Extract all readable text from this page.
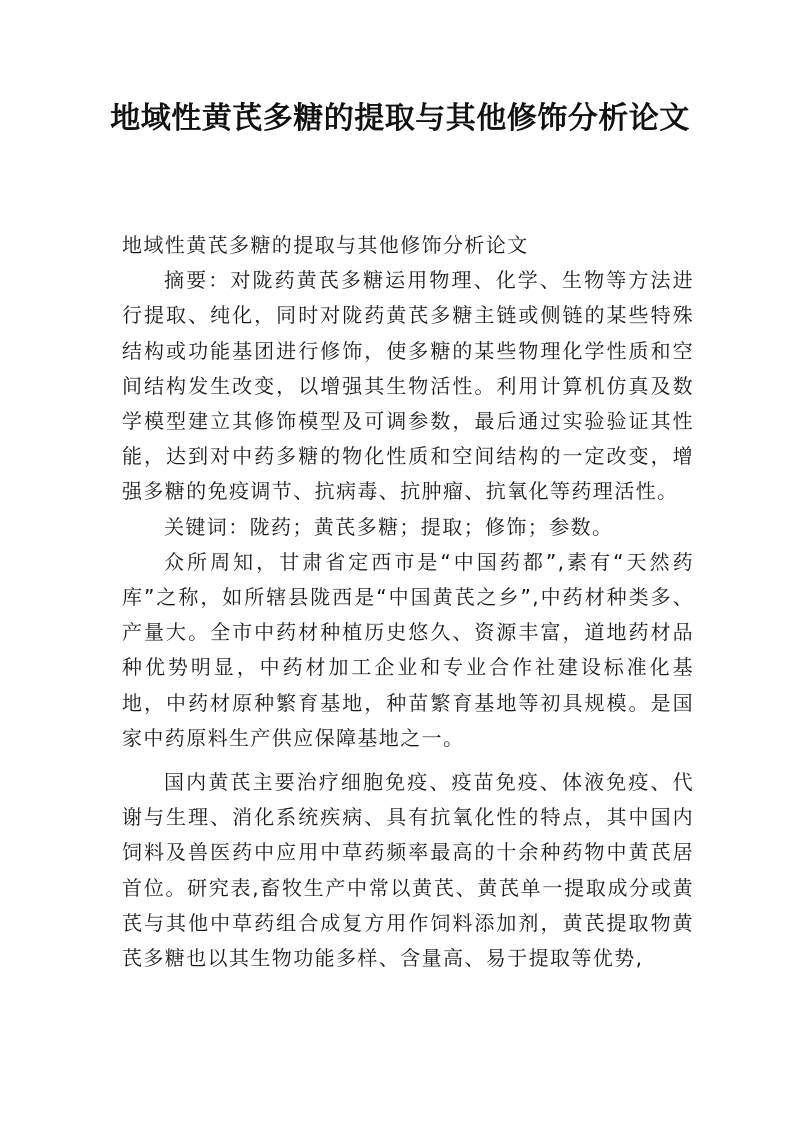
地域性黄芪多糖的提取与其他修饰分析论文

地域性黄芪多糖的提取与其他修饰分析论文

摘要：对陇药黄芪多糖运用物理、化学、生物等方法进行提取、纯化，同时对陇药黄芪多糖主链或侧链的某些特殊结构或功能基团进行修饰，使多糖的某些物理化学性质和空间结构发生改变，以增强其生物活性。利用计算机仿真及数学模型建立其修饰模型及可调参数，最后通过实验验证其性能，达到对中药多糖的物化性质和空间结构的一定改变，增强多糖的免疫调节、抗病毒、抗肿瘤、抗氧化等药理活性。

关键词：陇药；黄芪多糖；提取；修饰；参数。

众所周知，甘肃省定西市是“中国药都”,素有“天然药库”之称，如所辖县陇西是“中国黄芪之乡”,中药材种类多、产量大。全市中药材种植历史悠久、资源丰富，道地药材品种优势明显，中药材加工企业和专业合作社建设标准化基地，中药材原种繁育基地，种苗繁育基地等初具规模。是国家中药原料生产供应保障基地之一。

国内黄芪主要治疗细胞免疫、疫苗免疫、体液免疫、代谢与生理、消化系统疾病、具有抗氧化性的特点，其中国内饲料及兽医药中应用中草药频率最高的十余种药物中黄芪居首位。研究表,畜牧生产中常以黄芪、黄芪单一提取成分或黄芪与其他中草药组合成复方用作饲料添加剂，黄芪提取物黄芪多糖也以其生物功能多样、含量高、易于提取等优势,
